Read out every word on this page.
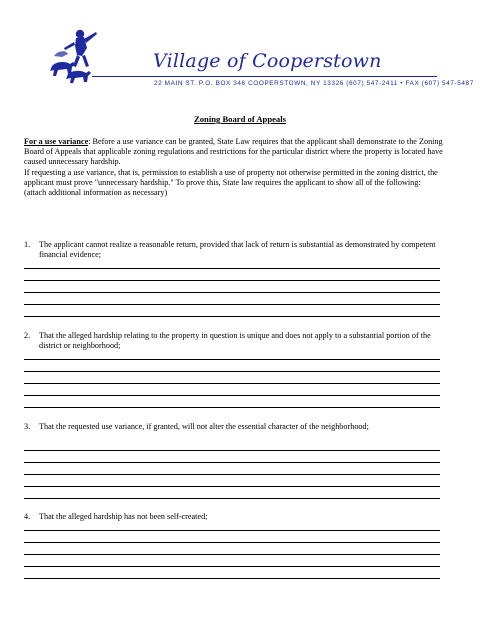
Village of Cooperstown
22 MAIN ST. P.O. BOX 346 COOPERSTOWN, NY 13326 (607) 547-2411 • FAX (607) 547-5487
Zoning Board of Appeals

For a use variance: Before a use variance can be granted, State Law requires that the applicant shall demonstrate to the Zoning Board of Appeals that applicable zoning regulations and restrictions for the particular district where the property is located have caused unnecessary hardship.

If requesting a use variance, that is, permission to establish a use of property not otherwise permitted in the zoning district, the applicant must prove "unnecessary hardship." To prove this, State law requires the applicant to show all of the following: (attach additional information as necessary)

1. The applicant cannot realize a reasonable return, provided that lack of return is substantial as demonstrated by competent financial evidence;
2. That the alleged hardship relating to the property in question is unique and does not apply to a substantial portion of the district or neighborhood;
3. That the requested use variance, if granted, will not alter the essential character of the neighborhood;
4. That the alleged hardship has not been self-created;
